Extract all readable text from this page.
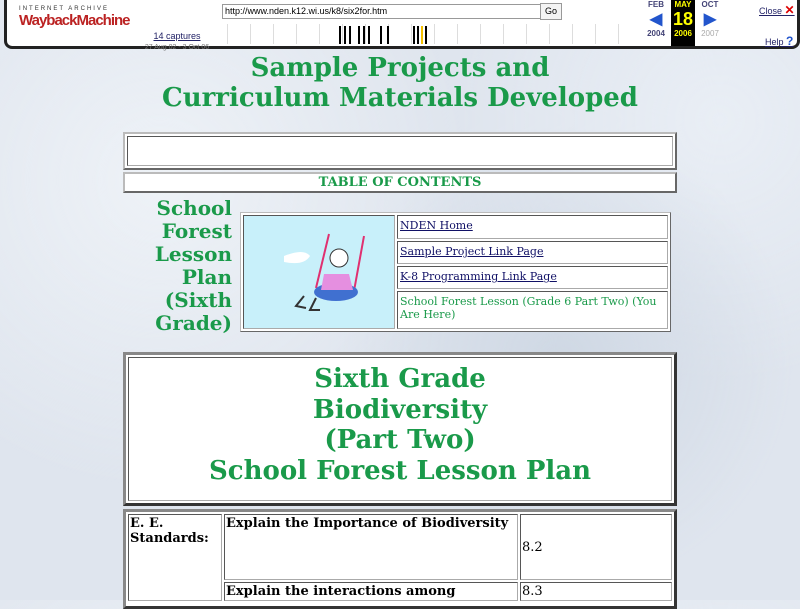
INTERNET ARCHIVE
WaybackMachine
14 captures
27 Aug 02 - 3 Oct 06
http://www.nden.k12.wi.us/k8/six2for.htm	Go
FEB
◀
2004
MAY
18
2006
OCT
▶
2007
Close ✕
Help ?
Sample Projects and
Curriculum Materials Developed
TABLE OF CONTENTS
School
Forest
Lesson
Plan
(Sixth
Grade)
NDEN Home
Sample Project Link Page
K-8 Programming Link Page
School Forest Lesson (Grade 6 Part Two) (You Are Here)
Sixth Grade
Biodiversity
(Part Two)
School Forest Lesson Plan
E. E. Standards:	Explain the Importance of Biodiversity	8.2
	Explain the interactions among	8.3
